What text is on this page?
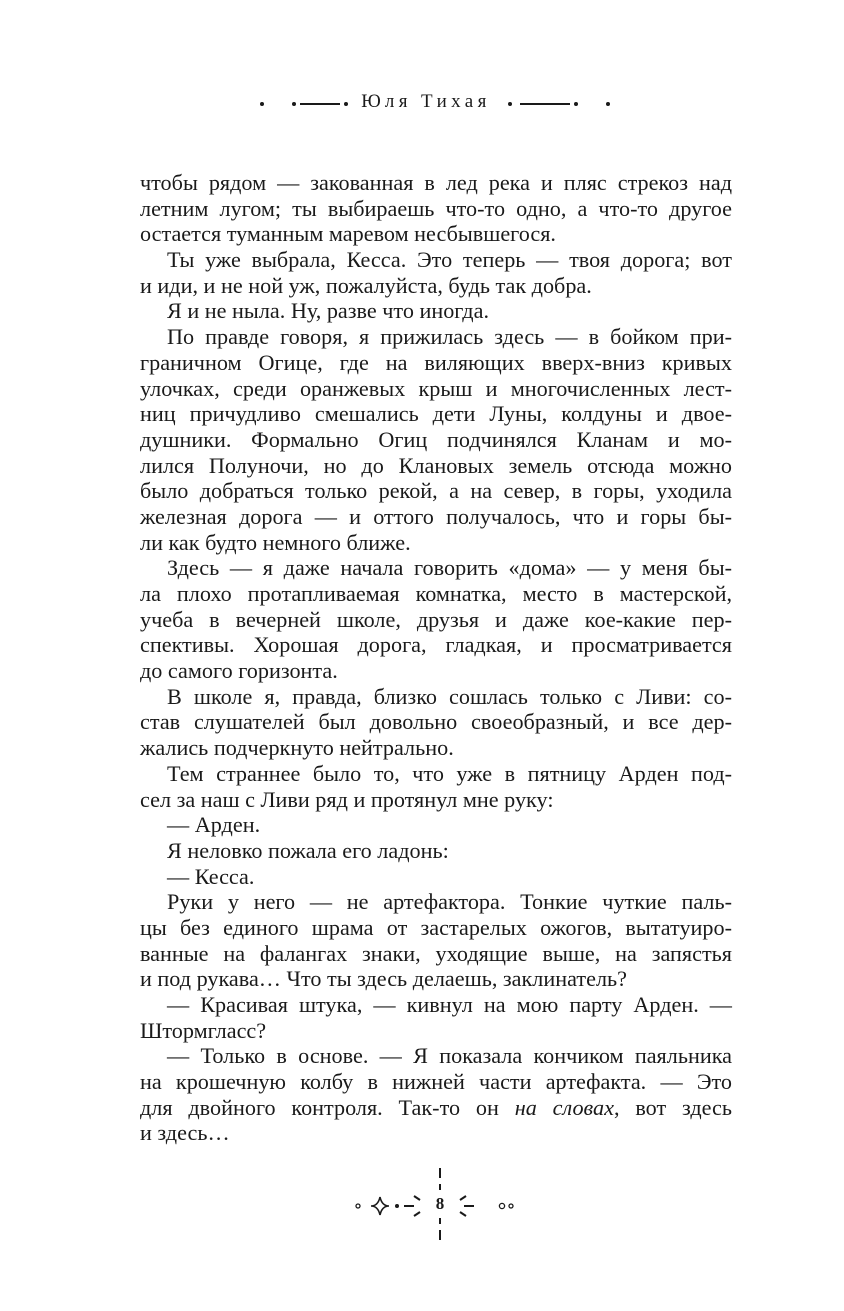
Юля Тихая
чтобы рядом — закованная в лед река и пляс стрекоз над
летним лугом; ты выбираешь что-то одно, а что-то другое
остается туманным маревом несбывшегося.
Ты уже выбрала, Кесса. Это теперь — твоя дорога; вот
и иди, и не ной уж, пожалуйста, будь так добра.
Я и не ныла. Ну, разве что иногда.
По правде говоря, я прижилась здесь — в бойком при-
граничном Огице, где на виляющих вверх-вниз кривых
улочках, среди оранжевых крыш и многочисленных лест-
ниц причудливо смешались дети Луны, колдуны и двое-
душники. Формально Огиц подчинялся Кланам и мо-
лился Полуночи, но до Клановых земель отсюда можно
было добраться только рекой, а на север, в горы, уходила
железная дорога — и оттого получалось, что и горы бы-
ли как будто немного ближе.
Здесь — я даже начала говорить «дома» — у меня бы-
ла плохо протапливаемая комнатка, место в мастерской,
учеба в вечерней школе, друзья и даже кое-какие пер-
спективы. Хорошая дорога, гладкая, и просматривается
до самого горизонта.
В школе я, правда, близко сошлась только с Ливи: со-
став слушателей был довольно своеобразный, и все дер-
жались подчеркнуто нейтрально.
Тем страннее было то, что уже в пятницу Арден под-
сел за наш с Ливи ряд и протянул мне руку:
— Арден.
Я неловко пожала его ладонь:
— Кесса.
Руки у него — не артефактора. Тонкие чуткие паль-
цы без единого шрама от застарелых ожогов, вытатуиро-
ванные на фалангах знаки, уходящие выше, на запястья
и под рукава… Что ты здесь делаешь, заклинатель?
— Красивая штука, — кивнул на мою парту Арден. —
Штормгласс?
— Только в основе. — Я показала кончиком паяльника
на крошечную колбу в нижней части артефакта. — Это
для двойного контроля. Так-то он на словах, вот здесь
и здесь…
8
